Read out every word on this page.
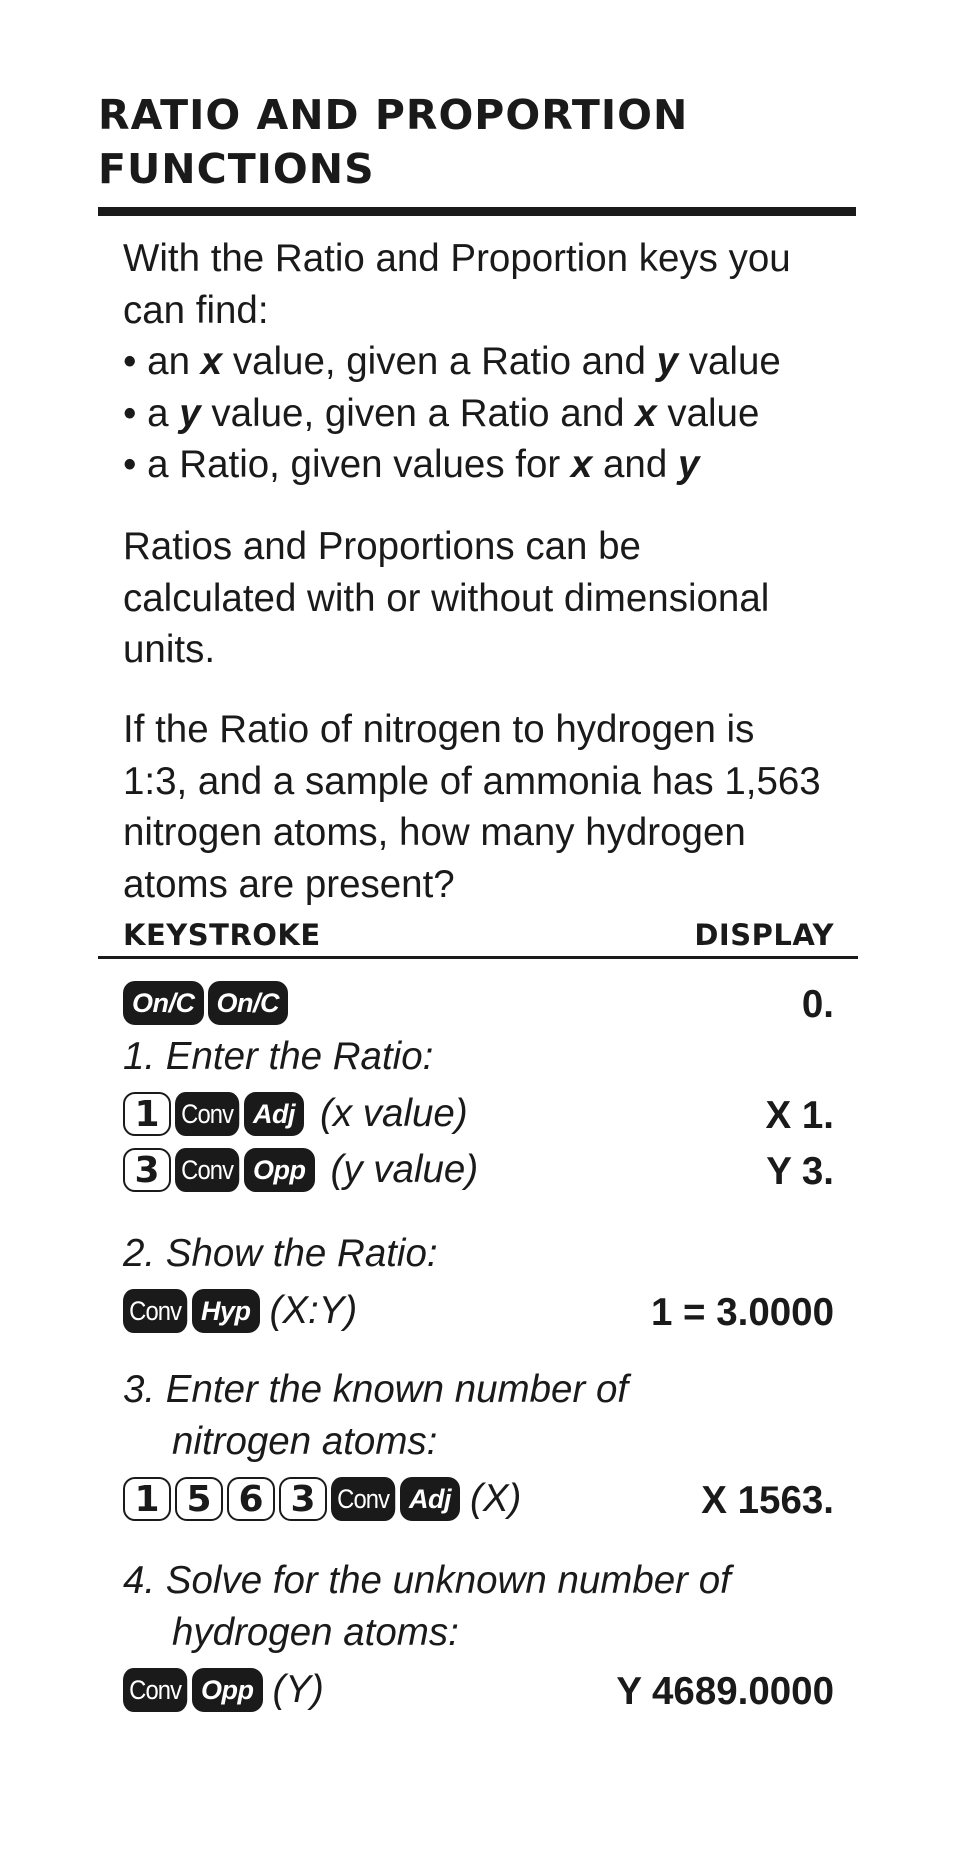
RATIO AND PROPORTION
FUNCTIONS

With the Ratio and Proportion keys you

can find:

• an x value, given a Ratio and y value

• a y value, given a Ratio and x value

• a Ratio, given values for x and y

Ratios and Proportions can be

calculated with or without dimensional

units.

If the Ratio of nitrogen to hydrogen is

1:3, and a sample of ammonia has 1,563

nitrogen atoms, how many hydrogen

atoms are present?

KEYSTROKE	DISPLAY
On/C On/C	0.
1. Enter the Ratio:
1 Conv Adj (x value)	X 1.
3 Conv Opp (y value)	Y 3.
2. Show the Ratio:
Conv Hyp (X:Y)	1 = 3.0000
3. Enter the known number of
nitrogen atoms:
1 5 6 3 Conv Adj (X)	X 1563.
4. Solve for the unknown number of
hydrogen atoms:
Conv Opp (Y)	Y 4689.0000
